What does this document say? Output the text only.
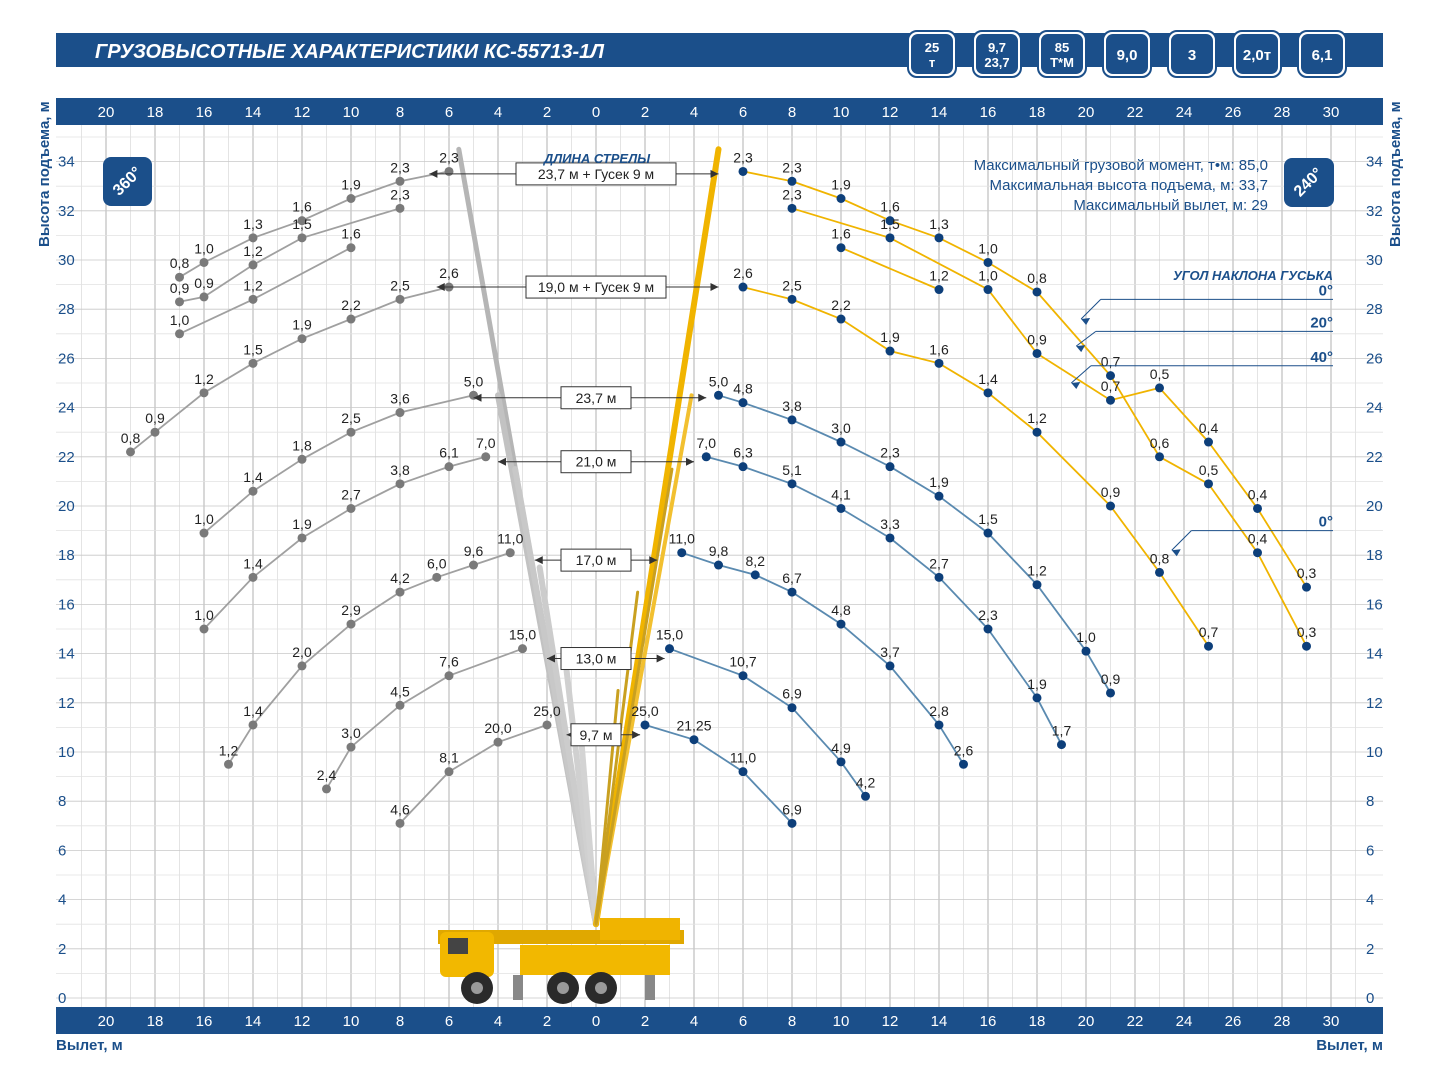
ГРУЗОВЫСОТНЫЕ ХАРАКТЕРИСТИКИ КС-55713-1Л	25
т
9,7
23,7
85
Т*М	9,0	3	2,0т	6,1
2,3
2,3
1,9
1,6
1,3
1,0
0,8
2,3
1,5
1,2
0,9
0,9
1,6
1,2
1,0
2,6
2,5
2,2
1,9
1,5
1,2
0,9
0,8
5,0
3,6
2,5
1,8
1,4
1,0
7,0
6,1
3,8
2,7
1,9
1,4
1,0
11,0
9,6
6,0
4,2
2,9
2,0
1,4
1,2
15,0
7,6
4,5
3,0
2,4
25,0
20,0
8,1
4,6
2,3
2,3
1,9
1,6
1,3
1,0
0,8
0,7
0,6
0,5
0,4
0,3
2,3
1,5
1,0
0,9
0,7
0,5
0,4
0,4
0,3
1,6
1,2
2,6
2,5
2,2
1,9
1,6
1,4
1,2
0,9
0,8
0,7
5,0 4,8
3,8
3,0
2,3
1,9
1,5
1,2
1,0
0,9
7,0
6,3
5,1
4,1
3,3
2,7
2,3
1,9
1,7
11,0
9,8
8,2
6,7
4,8
3,7
2,8
2,6
15,0
10,7
6,9
4,9
4,2
25,0
21,25
11,0
6,9
23,7 м + Гусек 9 м
19,0 м + Гусек 9 м
23,7 м
21,0 м
17,0 м
13,0 м
9,7 м
20
20
18
18
16
16
14
14
12
12
10
10
8
8
6
6
4
4
2
2
0
0
2
2
4
4
6
6
8
8
10
10
12
12
14
14
16
16
18
18
20
20
22
22
24
24
26
26
28
28
30
30
0	0
2	2
4	4
6	6
8	8
10	10
12	12
14	14
16	16
18	18
20	20
22	22
24	24
26	26
28	28
30	30
32	32
34	34
Вылет, м	Вылет, м
Высота подъема, м	Высота подъема, м
Максимальный грузовой момент, т•м: 85,0
Максимальная высота подъема, м: 33,7
Максимальный вылет, м: 29
360°	240°
ДЛИНА СТРЕЛЫ
УГОЛ НАКЛОНА ГУСЬКА
0°
20°
40°
0°
